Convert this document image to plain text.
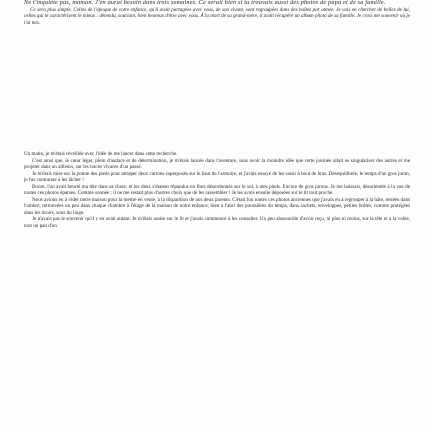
Ne t'inquiète pas, maman. J'en aurai besoin dans trois semaines. Ce serait bien si tu trouvais aussi des photos de papa et de sa famille.

Ce sera plus simple. Celles de l'époque de votre enfance, qu'il avait partagées avec vous, de son vivant, sont regroupées dans des boîtes par année. Je vais en chercher de belles de lui, celles qui le caractérisent le mieux : détendu, souriant, bien heureux d'être avec vous. À la mort de sa grand-mère, il avait récupéré un album photo de sa famille. Je crois me souvenir où je l'ai mis.

Un matin, je m'étais réveillée avec l'idée de me lancer dans cette recherche.

C'est ainsi que, le cœur léger, plein d'audace et de détermination, je m'étais lancée dans l'aventure, sans avoir la moindre idée que cette journée allait se singulariser des autres et me projeter dans un ailleurs, sur les traces vivaces d'un passé.

Je m'étais mise sur la pointe des pieds pour attraper deux cartons superposés sur le haut de l'armoire, et j'avais essayé de les saisir à bout de bras. Déséquilibrée, le temps d'un gros juron, je fus contrainte à les lâcher !

Boom, l'un avait heurté ma tête dans sa chute, et les deux s'étaient répandus en flots désordonnés sur le sol, à mes pieds. Encore de gros jurons. Je me baissais, désorientée à la vue de toutes ces photos éparses. Comme sonnée ; il ne me restait plus d'autres choix que de les rassembler ! Je les avais ensuite déposées sur le lit tout proche.

Nous avions eu à vider notre maison pour la mettre en vente, à la disparition de nos deux parents. C'était fou toutes ces photos anciennes que j'avais eu à regrouper à la hâte, restées dans l'ombre, retrouvées un peu dans chaque chambre à l'étage de la maison de notre enfance, bien à l'abri des poussières du temps, dans sachets, enveloppes, petites boîtes, comme protégées dans les tiroirs, sous du linge.

Je n'avais pas le souvenir qu'il y en avait autant. Je m'étais assise sur le lit et j'avais commencé à les consulter. Un peu abasourdie d'avoir reçu, ni plus ni moins, sur la tête et à la volée, tout un pan d'un
